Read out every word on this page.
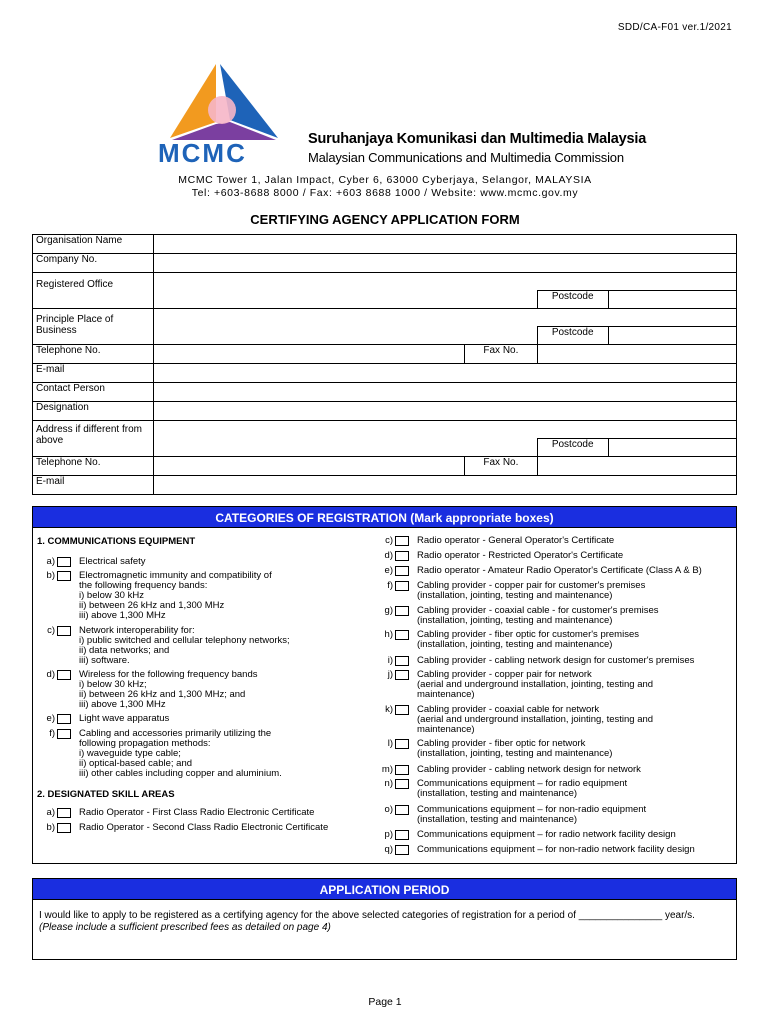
SDD/CA-F01 ver.1/2021
MCMC	Suruhanjaya Komunikasi dan Multimedia Malaysia
Malaysian Communications and Multimedia Commission
MCMC Tower 1, Jalan Impact, Cyber 6, 63000 Cyberjaya, Selangor, MALAYSIA
Tel: +603-8688 8000 / Fax: +603 8688 1000 / Website: www.mcmc.gov.my
CERTIFYING AGENCY APPLICATION FORM
Organisation Name				
Company No.				
Registered Office				
			Postcode	
Principle Place of Business				
			Postcode	
Telephone No.		Fax No.		
E-mail				
Contact Person				
Designation				
Address if different from above				
			Postcode	
Telephone No.		Fax No.		
E-mail				
CATEGORIES OF REGISTRATION (Mark appropriate boxes)
1. COMMUNICATIONS EQUIPMENT
2. DESIGNATED SKILL AREAS
a)	Electrical safety
b)	Electromagnetic immunity and compatibility of
the following frequency bands:
i) below 30 kHz
ii) between 26 kHz and 1,300 MHz
iii) above 1,300 MHz
c)	Network interoperability for:
i) public switched and cellular telephony networks;
ii) data networks; and
iii) software.
d)	Wireless for the following frequency bands
i) below 30 kHz;
ii) between 26 kHz and 1,300 MHz; and
iii) above 1,300 MHz
e)	Light wave apparatus
f)	Cabling and accessories primarily utilizing the
following propagation methods:
i) waveguide type cable;
ii) optical-based cable; and
iii) other cables including copper and aluminium.
a)	Radio Operator - First Class Radio Electronic Certificate
b)	Radio Operator - Second Class Radio Electronic Certificate
c)	Radio operator - General Operator's Certificate
d)	Radio operator - Restricted Operator's Certificate
e)	Radio operator - Amateur Radio Operator's Certificate (Class A & B)
f)	Cabling provider - copper pair for customer's premises
(installation, jointing, testing and maintenance)
g)	Cabling provider - coaxial cable - for customer's premises
(installation, jointing, testing and maintenance)
h)	Cabling provider - fiber optic for customer's premises
(installation, jointing, testing and maintenance)
i)	Cabling provider - cabling network design for customer's premises
j)	Cabling provider - copper pair for network
(aerial and underground installation, jointing, testing and
maintenance)
k)	Cabling provider - coaxial cable for network
(aerial and underground installation, jointing, testing and
maintenance)
l)	Cabling provider - fiber optic for network
(installation, jointing, testing and maintenance)
m)	Cabling provider - cabling network design for network
n)	Communications equipment – for radio equipment
(installation, testing and maintenance)
o)	Communications equipment – for non-radio equipment
(installation, testing and maintenance)
p)	Communications equipment – for radio network facility design
q)	Communications equipment – for non-radio network facility design
APPLICATION PERIOD
I would like to apply to be registered as a certifying agency for the above selected categories of registration for a period of _______________ year/s.
(Please include a sufficient prescribed fees as detailed on page 4)
Page 1
